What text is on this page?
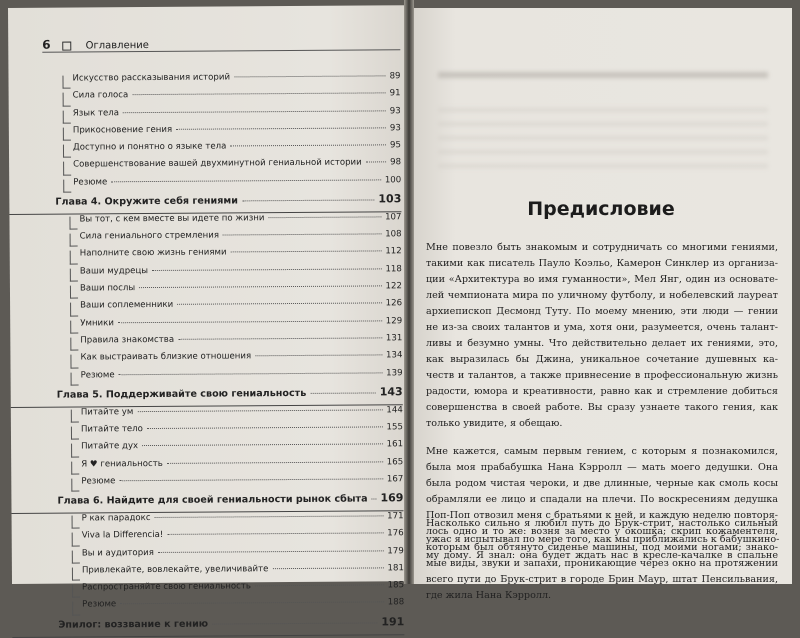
6	Оглавление
Искусство рассказывания историй	89
Сила голоса	91
Язык тела	93
Прикосновение гения	93
Доступно и понятно о языке тела	95
Совершенствование вашей двухминутной гениальной истории	98
Резюме	100
Глава 4. Окружите себя гениями	103
Вы тот, с кем вместе вы идете по жизни	107
Сила гениального стремления	108
Наполните свою жизнь гениями	112
Ваши мудрецы	118
Ваши послы	122
Ваши соплеменники	126
Умники	129
Правила знакомства	131
Как выстраивать близкие отношения	134
Резюме	139
Глава 5. Поддерживайте свою гениальность	143
Питайте ум	144
Питайте тело	155
Питайте дух	161
Я ♥ гениальность	165
Резюме	167
Глава 6. Найдите для своей гениальности рынок сбыта 169
Р как парадокс	171
Viva la Differencia!	176
Вы и аудитория	179
Привлекайте, вовлекайте, увеличивайте	181
Распространяйте свою гениальность	185
Резюме	188
Эпилог: воззвание к гению	191
Предисловие
Мне повезло быть знакомым и сотрудничать со многими гениями,
такими как писатель Пауло Коэльо, Камерон Синклер из организа-
ции «Архитектура во имя гуманности», Мел Янг, один из основате-
лей чемпионата мира по уличному футболу, и нобелевский лауреат
архиепископ Десмонд Туту. По моему мнению, эти люди — гении
не из-за своих талантов и ума, хотя они, разумеется, очень талант-
ливы и безумно умны. Что действительно делает их гениями, это,
как выразилась бы Джина, уникальное сочетание душевных ка-
честв и талантов, а также привнесение в профессиональную жизнь
радости, юмора и креативности, равно как и стремление добиться
совершенства в своей работе. Вы сразу узнаете такого гения, как
только увидите, я обещаю.
Мне кажется, самым первым гением, с которым я познакомился,
была моя прабабушка Нана Кэрролл — мать моего дедушки. Она
была родом чистая чероки, и две длинные, черные как смоль косы
обрамляли ее лицо и спадали на плечи. По воскресениям дедушка
Поп-Поп отвозил меня с братьями к ней, и каждую неделю повторя-
лось одно и то же: возня за место у окошка; скрип кожаментеля,
которым был обтянуто сиденье машины, под моими ногами; знако-
мые виды, звуки и запахи, проникающие через окно на протяжении
всего пути до Брук-стрит в городе Брин Маур, штат Пенсильвания,
где жила Нана Кэрролл.
Насколько сильно я любил путь до Брук-стрит, настолько сильный
ужас я испытывал по мере того, как мы приближались к бабушкино-
му дому. Я знал: она будет ждать нас в кресле-качалке в спальне
